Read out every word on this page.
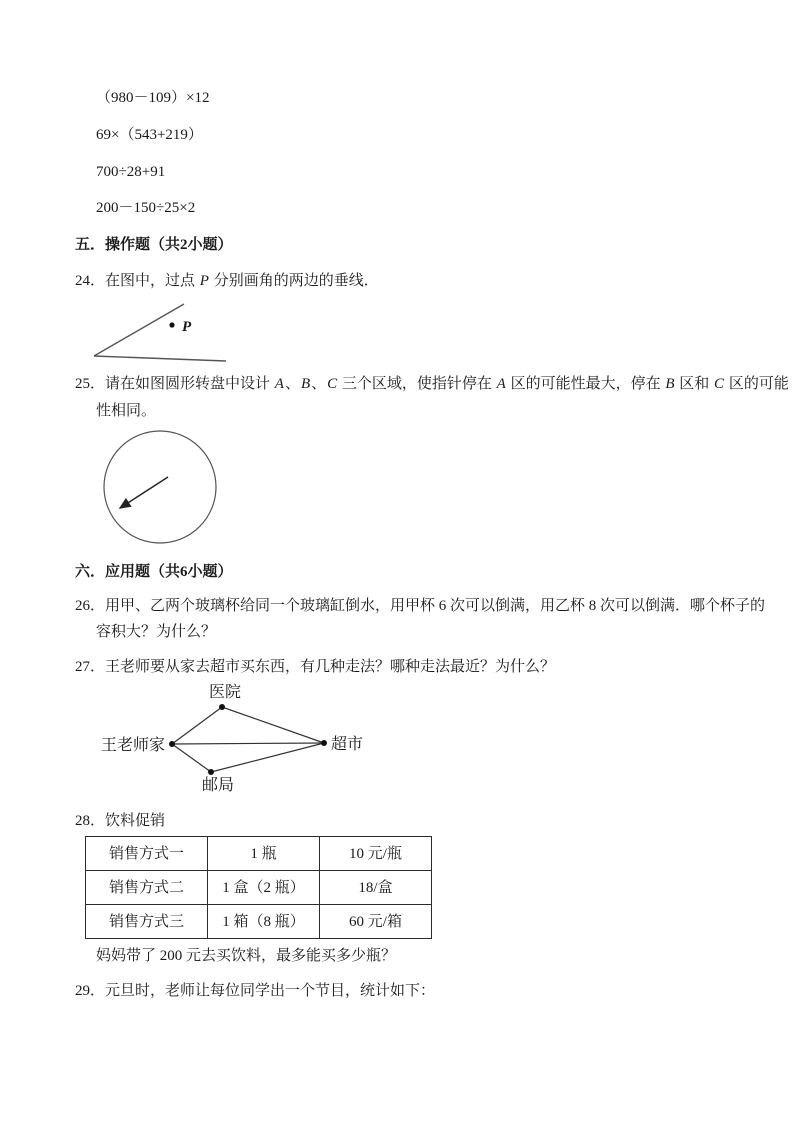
（980－109）×12
69×（543+219）
700÷28+91
200－150÷25×2
五．操作题（共2小题）
24．在图中，过点 P 分别画角的两边的垂线．
P
25．请在如图圆形转盘中设计 A、B、C 三个区域，使指针停在 A 区的可能性最大，停在 B 区和 C 区的可能
性相同。
六．应用题（共6小题）
26．用甲、乙两个玻璃杯给同一个玻璃缸倒水，用甲杯 6 次可以倒满，用乙杯 8 次可以倒满．哪个杯子的
容积大？为什么？
27．王老师要从家去超市买东西，有几种走法？哪种走法最近？为什么？
医院
王老师家	超市
邮局
28．饮料促销
销售方式一	1 瓶	10 元/瓶
销售方式二	1 盒（2 瓶）	18/盒
销售方式三	1 箱（8 瓶）	60 元/箱
妈妈带了 200 元去买饮料，最多能买多少瓶？
29．元旦时，老师让每位同学出一个节目，统计如下：
